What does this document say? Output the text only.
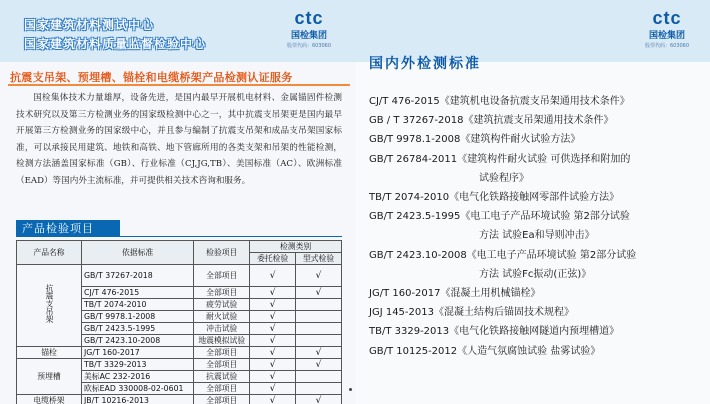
国家建筑材料测试中心
国家建筑材料质量监督检验中心
ctc
国检集团
股票代码：603060
抗震支吊架、预埋槽、锚栓和电缆桥架产品检测认证服务
国检集体技术力量雄厚，设备先进，是国内最早开展机电材料、金属锚固件检测技术研究以及第三方检测业务的国家级检测中心之一，其中抗震支吊架更是国内最早开展第三方检测业务的国家级中心，并且参与编制了抗震支吊架和成品支吊架国家标准，可以承接民用建筑、地铁和高铁、地下管廊所用的各类支架和吊架的性能检测，检测方法涵盖国家标准（GB）、行业标准（CJ,JG,TB）、美国标准（AC）、欧洲标准（EAD）等国内外主流标准，并可提供相关技术咨询和服务。
产品检验项目
产品名称	依据标准	检验项目	检测类别	
			委托检验	型式检验
抗震支吊架	GB/T 37267-2018	全部项目	√	√
	CJ/T 476-2015	全部项目	√	√
	TB/T 2074-2010	疲劳试验	√	
	GB/T 9978.1-2008	耐火试验	√	
	GB/T 2423.5-1995	冲击试验	√	
	GB/T 2423.10-2008	地震模拟试验	√	
锚栓	JG/T 160-2017	全部项目	√	√
预埋槽	TB/T 3329-2013	全部项目	√	√
	美标AC 232-2016	抗震试验	√	
	欧标EAD 330008-02-0601	全部项目	√	
电缆桥架	JB/T 10216-2013	全部项目	√	√
ctc
国检集团
股票代码：603060
国内外检测标准
CJ/T 476-2015《建筑机电设备抗震支吊架通用技术条件》
GB / T 37267-2018《建筑抗震支吊架通用技术条件》
GB/T 9978.1-2008《建筑构件耐火试验方法》
GB/T 26784-2011《建筑构件耐火试验 可供选择和附加的
试验程序》
TB/T 2074-2010《电气化铁路接触网零部件试验方法》
GB/T 2423.5-1995《电工电子产品环境试验 第2部分试验
方法 试验Ea和导则冲击》
GB/T 2423.10-2008《电工电子产品环境试验 第2部分试验
方法 试验Fc振动(正弦)》
JG/T 160-2017《混凝土用机械锚栓》
JGJ 145-2013《混凝土结构后锚固技术规程》
TB/T 3329-2013《电气化铁路接触网隧道内预埋槽道》
GB/T 10125-2012《人造气氛腐蚀试验 盐雾试验》
